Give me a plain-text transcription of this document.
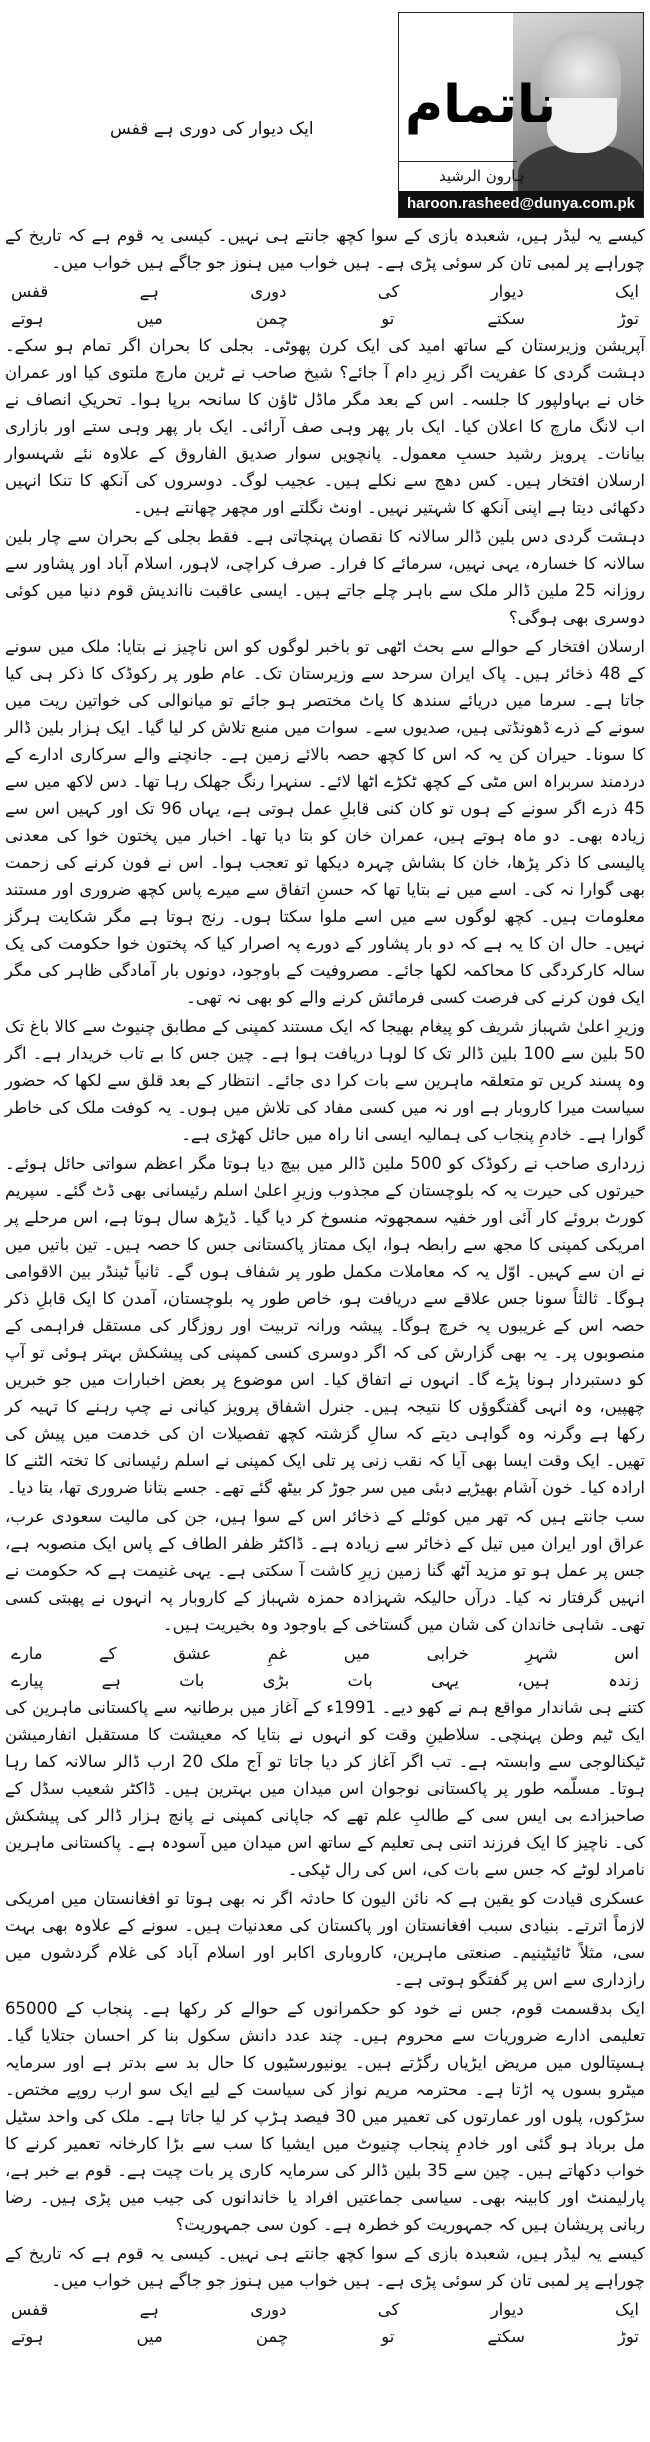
ایک دیوار کی دوری ہے قفس ناتمام
ہارون الرشید
haroon.rasheed@dunya.com.pk

کیسے یہ لیڈر ہیں، شعبدہ بازی کے سوا کچھ جانتے ہی نہیں۔ کیسی یہ قوم ہے کہ تاریخ کے چوراہے پر لمبی تان کر سوئی پڑی ہے۔ ہیں خواب میں ہنوز جو جاگے ہیں خواب میں۔

ایک
دیوار
کی
دوری
ہے
قفس
توڑ
سکتے
تو
چمن
میں
ہوتے

آپریشن وزیرستان کے ساتھ امید کی ایک کرن پھوٹی۔ بجلی کا بحران اگر تمام ہو سکے۔ دہشت گردی کا عفریت اگر زیرِ دام آ جائے؟ شیخ صاحب نے ٹرین مارچ ملتوی کیا اور عمران خاں نے بہاولپور کا جلسہ۔ اس کے بعد مگر ماڈل ٹاؤن کا سانحہ برپا ہوا۔ تحریکِ انصاف نے اب لانگ مارچ کا اعلان کیا۔ ایک بار پھر وہی صف آرائی۔ ایک بار پھر وہی ستے اور بازاری بیانات۔ پرویز رشید حسبِ معمول۔ پانچویں سوار صدیق الفاروق کے علاوہ نئے شہسوار ارسلان افتخار ہیں۔ کس دھج سے نکلے ہیں۔ عجیب لوگ۔ دوسروں کی آنکھ کا تنکا انہیں دکھائی دیتا ہے اپنی آنکھ کا شہتیر نہیں۔ اونٹ نگلتے اور مچھر چھانتے ہیں۔

دہشت گردی دس بلین ڈالر سالانہ کا نقصان پہنچاتی ہے۔ فقط بجلی کے بحران سے چار بلین سالانہ کا خسارہ، یہی نہیں، سرمائے کا فرار۔ صرف کراچی، لاہور، اسلام آباد اور پشاور سے روزانہ 25 ملین ڈالر ملک سے باہر چلے جاتے ہیں۔ ایسی عاقبت نااندیش قوم دنیا میں کوئی دوسری بھی ہوگی؟

ارسلان افتخار کے حوالے سے بحث اٹھی تو باخبر لوگوں کو اس ناچیز نے بتایا: ملک میں سونے کے 48 ذخائر ہیں۔ پاک ایران سرحد سے وزیرستان تک۔ عام طور پر رکوڈک کا ذکر ہی کیا جاتا ہے۔ سرما میں دریائے سندھ کا پاٹ مختصر ہو جائے تو میانوالی کی خواتین ریت میں سونے کے ذرے ڈھونڈتی ہیں، صدیوں سے۔ سوات میں منبع تلاش کر لیا گیا۔ ایک ہزار بلین ڈالر کا سونا۔ حیران کن یہ کہ اس کا کچھ حصہ بالائے زمین ہے۔ جانچنے والے سرکاری ادارے کے دردمند سربراہ اس مٹی کے کچھ ٹکڑے اٹھا لائے۔ سنہرا رنگ جھلک رہا تھا۔ دس لاکھ میں سے 45 ذرے اگر سونے کے ہوں تو کان کنی قابلِ عمل ہوتی ہے، یہاں 96 تک اور کہیں اس سے زیادہ بھی۔ دو ماہ ہوتے ہیں، عمران خان کو بتا دیا تھا۔ اخبار میں پختون خوا کی معدنی پالیسی کا ذکر پڑھا، خان کا بشاش چہرہ دیکھا تو تعجب ہوا۔ اس نے فون کرنے کی زحمت بھی گوارا نہ کی۔ اسے میں نے بتایا تھا کہ حسنِ اتفاق سے میرے پاس کچھ ضروری اور مستند معلومات ہیں۔ کچھ لوگوں سے میں اسے ملوا سکتا ہوں۔ رنج ہوتا ہے مگر شکایت ہرگز نہیں۔ حال ان کا یہ ہے کہ دو بار پشاور کے دورے پہ اصرار کیا کہ پختون خوا حکومت کی یک سالہ کارکردگی کا محاکمہ لکھا جائے۔ مصروفیت کے باوجود، دونوں بار آمادگی ظاہر کی مگر ایک فون کرنے کی فرصت کسی فرمائش کرنے والے کو بھی نہ تھی۔

وزیرِ اعلیٰ شہباز شریف کو پیغام بھیجا کہ ایک مستند کمپنی کے مطابق چنیوٹ سے کالا باغ تک 50 بلین سے 100 بلین ڈالر تک کا لوہا دریافت ہوا ہے۔ چین جس کا بے تاب خریدار ہے۔ اگر وہ پسند کریں تو متعلقہ ماہرین سے بات کرا دی جائے۔ انتظار کے بعد قلق سے لکھا کہ حضور سیاست میرا کاروبار ہے اور نہ میں کسی مفاد کی تلاش میں ہوں۔ یہ کوفت ملک کی خاطر گوارا ہے۔ خادمِ پنجاب کی ہمالیہ ایسی انا راہ میں حائل کھڑی ہے۔

زرداری صاحب نے رکوڈک کو 500 ملین ڈالر میں بیچ دیا ہوتا مگر اعظم سواتی حائل ہوئے۔ حیرتوں کی حیرت یہ کہ بلوچستان کے مجذوب وزیرِ اعلیٰ اسلم رئیسانی بھی ڈٹ گئے۔ سپریم کورٹ بروئے کار آئی اور خفیہ سمجھوتہ منسوخ کر دیا گیا۔ ڈیڑھ سال ہوتا ہے، اس مرحلے پر امریکی کمپنی کا مجھ سے رابطہ ہوا، ایک ممتاز پاکستانی جس کا حصہ ہیں۔ تین باتیں میں نے ان سے کہیں۔ اوّل یہ کہ معاملات مکمل طور پر شفاف ہوں گے۔ ثانیاً ٹینڈر بین الاقوامی ہوگا۔ ثالثاً سونا جس علاقے سے دریافت ہو، خاص طور پہ بلوچستان، آمدن کا ایک قابلِ ذکر حصہ اس کے غریبوں پہ خرچ ہوگا۔ پیشہ ورانہ تربیت اور روزگار کی مستقل فراہمی کے منصوبوں پر۔ یہ بھی گزارش کی کہ اگر دوسری کسی کمپنی کی پیشکش بہتر ہوئی تو آپ کو دستبردار ہونا پڑے گا۔ انہوں نے اتفاق کیا۔ اس موضوع پر بعض اخبارات میں جو خبریں چھپیں، وہ انہی گفتگوؤں کا نتیجہ ہیں۔ جنرل اشفاق پرویز کیانی نے چپ رہنے کا تہیہ کر رکھا ہے وگرنہ وہ گواہی دیتے کہ سالِ گزشتہ کچھ تفصیلات ان کی خدمت میں پیش کی تھیں۔ ایک وقت ایسا بھی آیا کہ نقب زنی پر تلی ایک کمپنی نے اسلم رئیسانی کا تختہ الٹنے کا ارادہ کیا۔ خون آشام بھیڑیے دبئی میں سر جوڑ کر بیٹھ گئے تھے۔ جسے بتانا ضروری تھا، بتا دیا۔

سب جانتے ہیں کہ تھر میں کوئلے کے ذخائر اس کے سوا ہیں، جن کی مالیت سعودی عرب، عراق اور ایران میں تیل کے ذخائر سے زیادہ ہے۔ ڈاکٹر ظفر الطاف کے پاس ایک منصوبہ ہے، جس پر عمل ہو تو مزید آٹھ گنا زمین زیرِ کاشت آ سکتی ہے۔ یہی غنیمت ہے کہ حکومت نے انہیں گرفتار نہ کیا۔ درآں حالیکہ شہزادہ حمزہ شہباز کے کاروبار پہ انہوں نے پھبتی کسی تھی۔ شاہی خاندان کی شان میں گستاخی کے باوجود وہ بخیریت ہیں۔

اس
شہرِ
خرابی
میں
غمِ
عشق
کے
مارے
زندہ
ہیں،
یہی
بات
بڑی
بات
ہے
پیارے

کتنے ہی شاندار مواقع ہم نے کھو دیے۔ 1991ء کے آغاز میں برطانیہ سے پاکستانی ماہرین کی ایک ٹیم وطن پہنچی۔ سلاطینِ وقت کو انہوں نے بتایا کہ معیشت کا مستقبل انفارمیشن ٹیکنالوجی سے وابستہ ہے۔ تب اگر آغاز کر دیا جاتا تو آج ملک 20 ارب ڈالر سالانہ کما رہا ہوتا۔ مسلّمہ طور پر پاکستانی نوجوان اس میدان میں بہترین ہیں۔ ڈاکٹر شعیب سڈل کے صاحبزادے بی ایس سی کے طالبِ علم تھے کہ جاپانی کمپنی نے پانچ ہزار ڈالر کی پیشکش کی۔ ناچیز کا ایک فرزند اتنی ہی تعلیم کے ساتھ اس میدان میں آسودہ ہے۔ پاکستانی ماہرین نامراد لوٹے کہ جس سے بات کی، اس کی رال ٹپکی۔

عسکری قیادت کو یقین ہے کہ نائن الیون کا حادثہ اگر نہ بھی ہوتا تو افغانستان میں امریکی لازماً اترتے۔ بنیادی سبب افغانستان اور پاکستان کی معدنیات ہیں۔ سونے کے علاوہ بھی بہت سی، مثلاً ٹائیٹینیم۔ صنعتی ماہرین، کاروباری اکابر اور اسلام آباد کی غلام گردشوں میں رازداری سے اس پر گفتگو ہوتی ہے۔

ایک بدقسمت قوم، جس نے خود کو حکمرانوں کے حوالے کر رکھا ہے۔ پنجاب کے 65000 تعلیمی ادارے ضروریات سے محروم ہیں۔ چند عدد دانش سکول بنا کر احسان جتلایا گیا۔ ہسپتالوں میں مریض ایڑیاں رگڑتے ہیں۔ یونیورسٹیوں کا حال بد سے بدتر ہے اور سرمایہ میٹرو بسوں پہ اڑتا ہے۔ محترمہ مریم نواز کی سیاست کے لیے ایک سو ارب روپے مختص۔ سڑکوں، پلوں اور عمارتوں کی تعمیر میں 30 فیصد ہڑپ کر لیا جاتا ہے۔ ملک کی واحد سٹیل مل برباد ہو گئی اور خادمِ پنجاب چنیوٹ میں ایشیا کا سب سے بڑا کارخانہ تعمیر کرنے کا خواب دکھاتے ہیں۔ چین سے 35 بلین ڈالر کی سرمایہ کاری پر بات چیت ہے۔ قوم بے خبر ہے، پارلیمنٹ اور کابینہ بھی۔ سیاسی جماعتیں افراد یا خاندانوں کی جیب میں پڑی ہیں۔ رضا ربانی پریشان ہیں کہ جمہوریت کو خطرہ ہے۔ کون سی جمہوریت؟

کیسے یہ لیڈر ہیں، شعبدہ بازی کے سوا کچھ جانتے ہی نہیں۔ کیسی یہ قوم ہے کہ تاریخ کے چوراہے پر لمبی تان کر سوئی پڑی ہے۔ ہیں خواب میں ہنوز جو جاگے ہیں خواب میں۔

ایک
دیوار
کی
دوری
ہے
قفس
توڑ
سکتے
تو
چمن
میں
ہوتے
